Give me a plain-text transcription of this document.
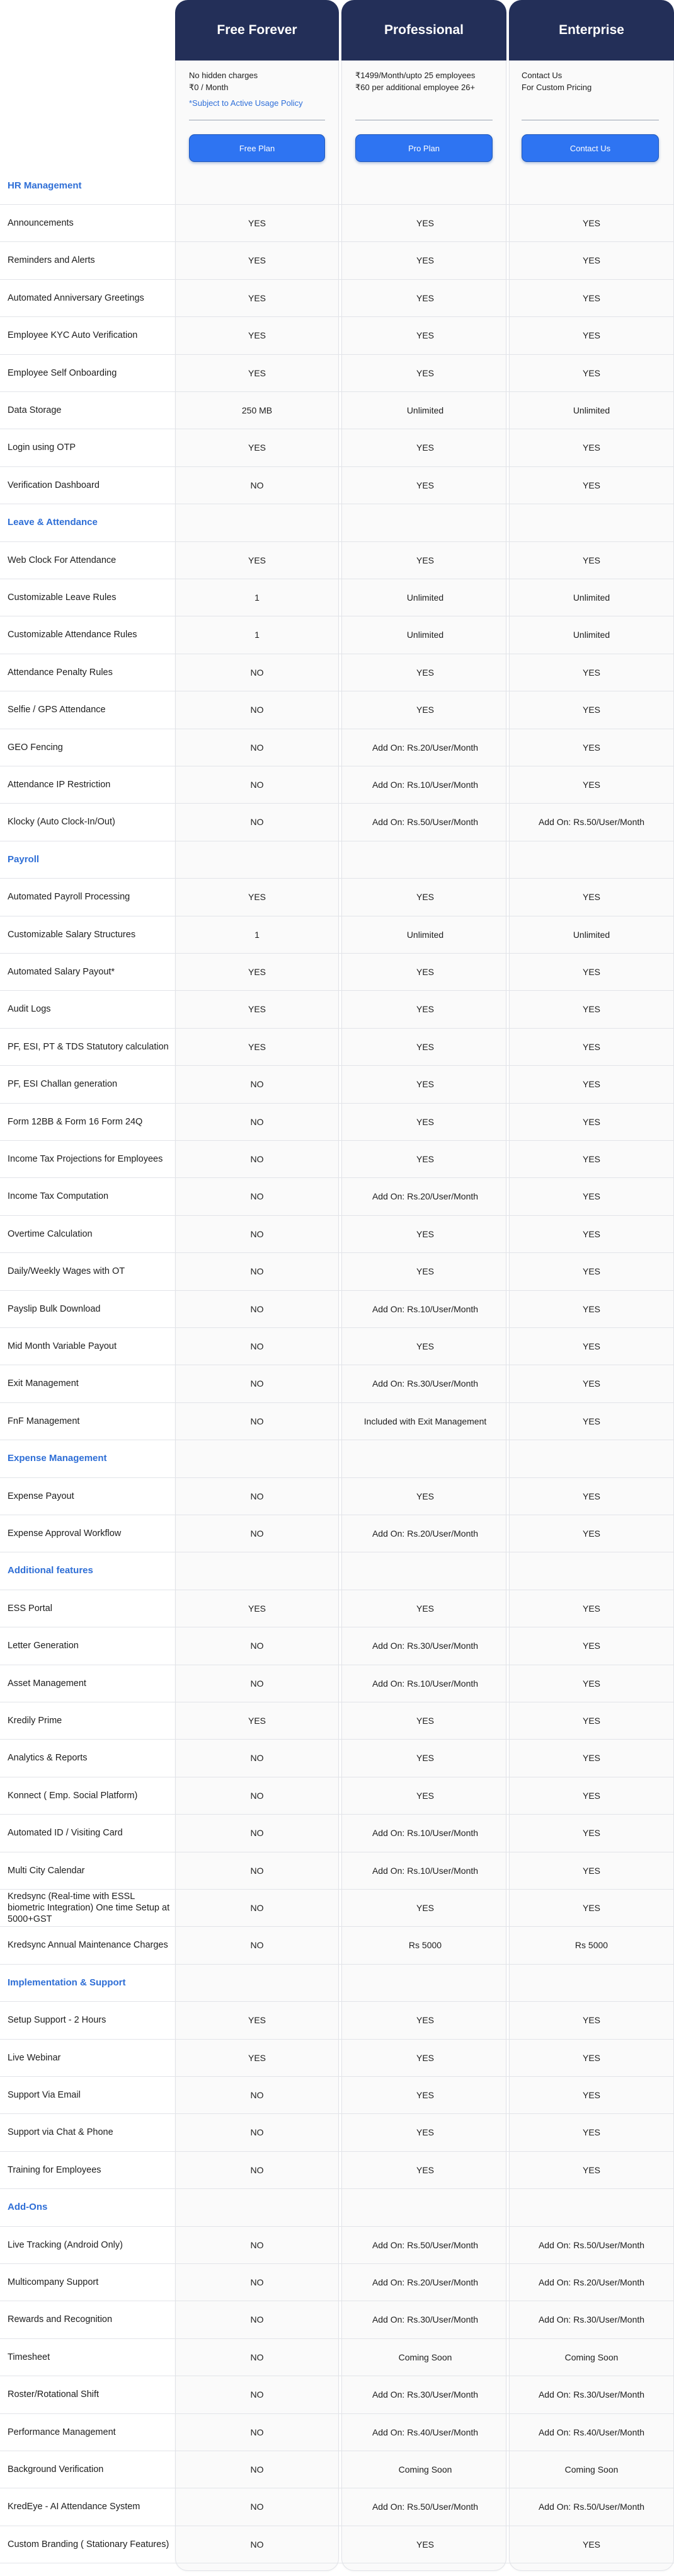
Free Forever	Professional	Enterprise
No hidden charges
₹0 / Month
*Subject to Active Usage Policy
₹1499/Month/upto 25 employees
₹60 per additional employee 26+
Contact Us
For Custom Pricing
Free Plan	Pro Plan	Contact Us
HR Management
Announcements	YES	YES	YES
Reminders and Alerts	YES	YES	YES
Automated Anniversary Greetings	YES	YES	YES
Employee KYC Auto Verification	YES	YES	YES
Employee Self Onboarding	YES	YES	YES
Data Storage	250 MB	Unlimited	Unlimited
Login using OTP	YES	YES	YES
Verification Dashboard	NO	YES	YES
Leave & Attendance
Web Clock For Attendance	YES	YES	YES
Customizable Leave Rules	1	Unlimited	Unlimited
Customizable Attendance Rules	1	Unlimited	Unlimited
Attendance Penalty Rules	NO	YES	YES
Selfie / GPS Attendance	NO	YES	YES
GEO Fencing	NO	Add On: Rs.20/User/Month	YES
Attendance IP Restriction	NO	Add On: Rs.10/User/Month	YES
Klocky (Auto Clock-In/Out)	NO	Add On: Rs.50/User/Month	Add On: Rs.50/User/Month
Payroll
Automated Payroll Processing	YES	YES	YES
Customizable Salary Structures	1	Unlimited	Unlimited
Automated Salary Payout*	YES	YES	YES
Audit Logs	YES	YES	YES
PF, ESI, PT & TDS Statutory calculation	YES	YES	YES
PF, ESI Challan generation	NO	YES	YES
Form 12BB & Form 16 Form 24Q	NO	YES	YES
Income Tax Projections for Employees	NO	YES	YES
Income Tax Computation	NO	Add On: Rs.20/User/Month	YES
Overtime Calculation	NO	YES	YES
Daily/Weekly Wages with OT	NO	YES	YES
Payslip Bulk Download	NO	Add On: Rs.10/User/Month	YES
Mid Month Variable Payout	NO	YES	YES
Exit Management	NO	Add On: Rs.30/User/Month	YES
FnF Management	NO	Included with Exit Management	YES
Expense Management
Expense Payout	NO	YES	YES
Expense Approval Workflow	NO	Add On: Rs.20/User/Month	YES
Additional features
ESS Portal	YES	YES	YES
Letter Generation	NO	Add On: Rs.30/User/Month	YES
Asset Management	NO	Add On: Rs.10/User/Month	YES
Kredily Prime	YES	YES	YES
Analytics & Reports	NO	YES	YES
Konnect ( Emp. Social Platform)	NO	YES	YES
Automated ID / Visiting Card	NO	Add On: Rs.10/User/Month	YES
Multi City Calendar	NO	Add On: Rs.10/User/Month	YES
Kredsync (Real-time with ESSL biometric Integration) One time Setup at 5000+GST
NO	YES	YES
Kredsync Annual Maintenance Charges	NO	Rs 5000	Rs 5000
Implementation & Support
Setup Support - 2 Hours	YES	YES	YES
Live Webinar	YES	YES	YES
Support Via Email	NO	YES	YES
Support via Chat & Phone	NO	YES	YES
Training for Employees	NO	YES	YES
Add-Ons
Live Tracking (Android Only)	NO	Add On: Rs.50/User/Month	Add On: Rs.50/User/Month
Multicompany Support	NO	Add On: Rs.20/User/Month	Add On: Rs.20/User/Month
Rewards and Recognition	NO	Add On: Rs.30/User/Month	Add On: Rs.30/User/Month
Timesheet	NO	Coming Soon	Coming Soon
Roster/Rotational Shift	NO	Add On: Rs.30/User/Month	Add On: Rs.30/User/Month
Performance Management	NO	Add On: Rs.40/User/Month	Add On: Rs.40/User/Month
Background Verification	NO	Coming Soon	Coming Soon
KredEye - AI Attendance System	NO	Add On: Rs.50/User/Month	Add On: Rs.50/User/Month
Custom Branding ( Stationary Features)	NO	YES	YES
